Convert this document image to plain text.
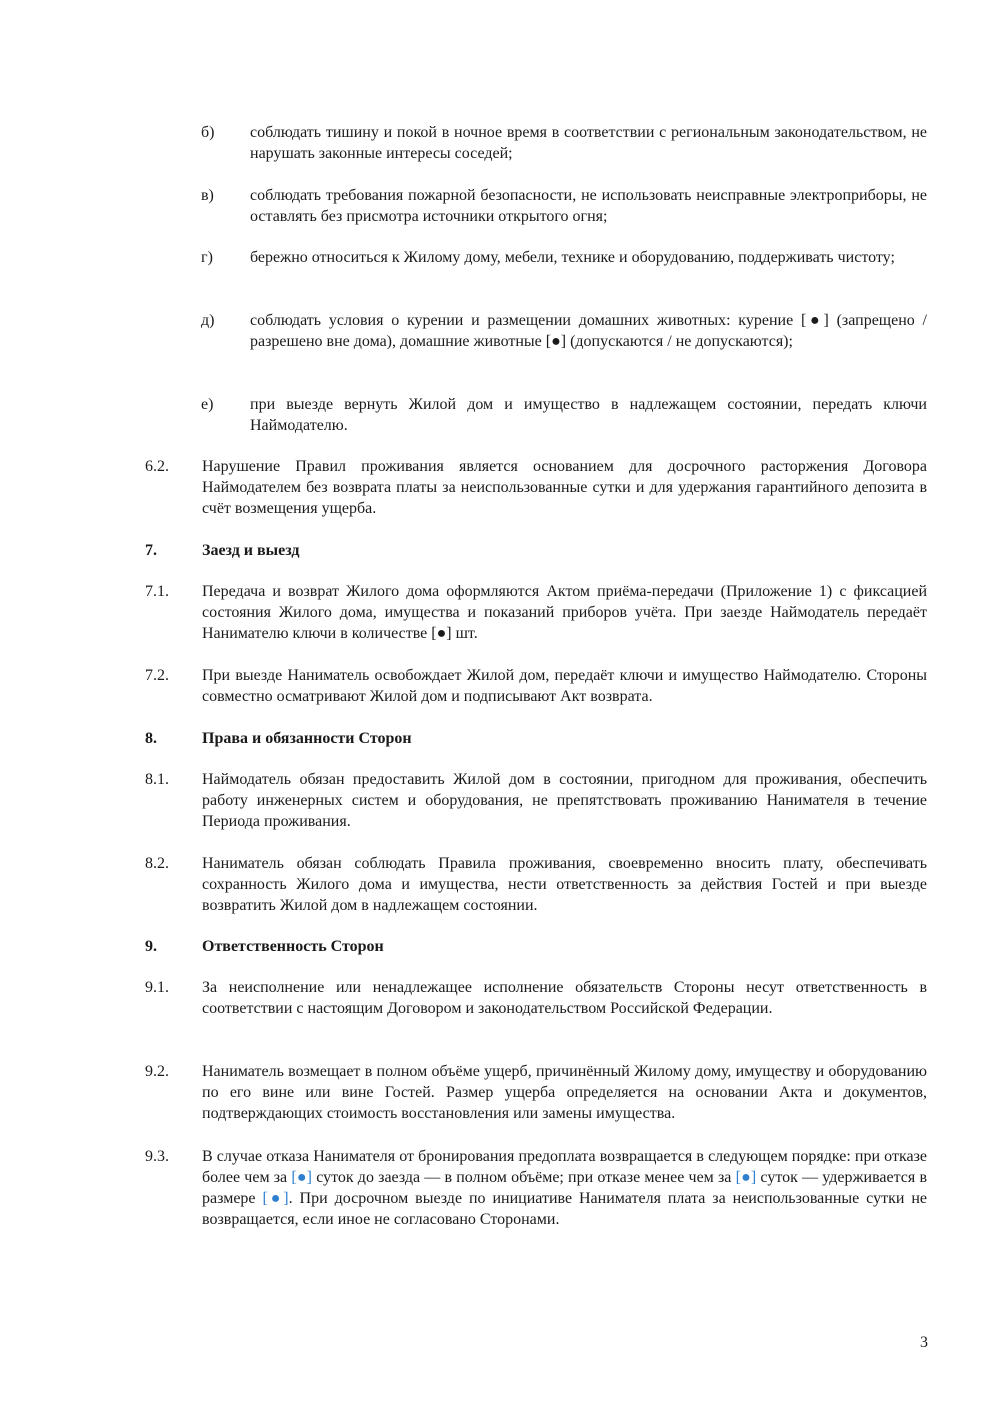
б) соблюдать тишину и покой в ночное время в соответствии с региональным законодательством, не нарушать законные интересы соседей;
в) соблюдать требования пожарной безопасности, не использовать неисправные электроприборы, не оставлять без присмотра источники открытого огня;
г) бережно относиться к Жилому дому, мебели, технике и оборудованию, поддерживать чистоту;
д) соблюдать условия о курении и размещении домашних животных: курение [●] (запрещено / разрешено вне дома), домашние животные [●] (допускаются / не допускаются);
е) при выезде вернуть Жилой дом и имущество в надлежащем состоянии, передать ключи Наймодателю.
6.2. Нарушение Правил проживания является основанием для досрочного расторжения Договора Наймодателем без возврата платы за неиспользованные сутки и для удержания гарантийного депозита в счёт возмещения ущерба.
7.	Заезд и выезд
7.1. Передача и возврат Жилого дома оформляются Актом приёма-передачи (Приложение 1) с фиксацией состояния Жилого дома, имущества и показаний приборов учёта. При заезде Наймодатель передаёт Нанимателю ключи в количестве [●] шт.
7.2. При выезде Наниматель освобождает Жилой дом, передаёт ключи и имущество Наймодателю. Стороны совместно осматривают Жилой дом и подписывают Акт возврата.
8.	Права и обязанности Сторон
8.1. Наймодатель обязан предоставить Жилой дом в состоянии, пригодном для проживания, обеспечить работу инженерных систем и оборудования, не препятствовать проживанию Нанимателя в течение Периода проживания.
8.2. Наниматель обязан соблюдать Правила проживания, своевременно вносить плату, обеспечивать сохранность Жилого дома и имущества, нести ответственность за действия Гостей и при выезде возвратить Жилой дом в надлежащем состоянии.
9.	Ответственность Сторон
9.1. За неисполнение или ненадлежащее исполнение обязательств Стороны несут ответственность в соответствии с настоящим Договором и законодательством Российской Федерации.
9.2. Наниматель возмещает в полном объёме ущерб, причинённый Жилому дому, имуществу и оборудованию по его вине или вине Гостей. Размер ущерба определяется на основании Акта и документов, подтверждающих стоимость восстановления или замены имущества.
9.3. В случае отказа Нанимателя от бронирования предоплата возвращается в следующем порядке: при отказе более чем за [●] суток до заезда — в полном объёме; при отказе менее чем за [●] суток — удерживается в размере [●]. При досрочном выезде по инициативе Нанимателя плата за неиспользованные сутки не возвращается, если иное не согласовано Сторонами.
3
